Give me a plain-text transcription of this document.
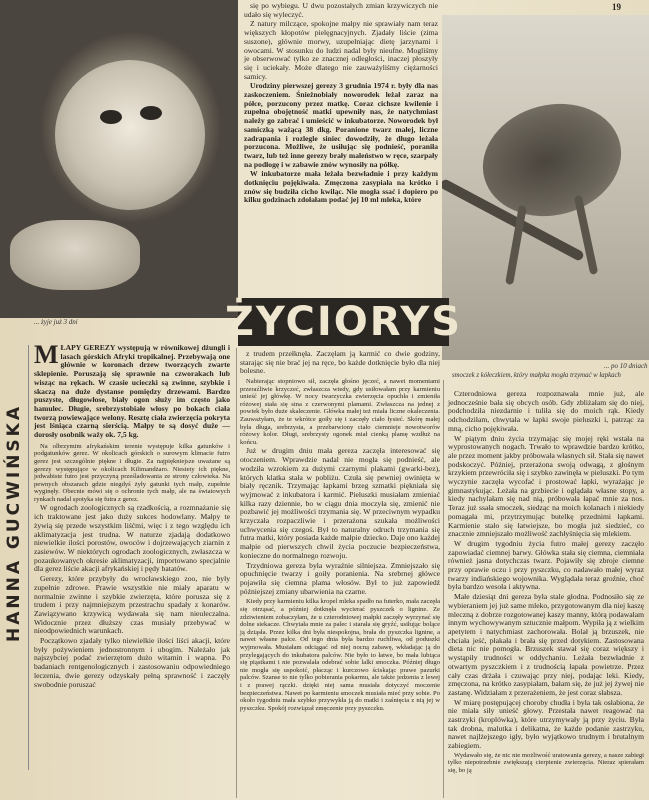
19
... żyje już 3 dni
... po 10 dniach
smoczek z kółeczkiem, który małpka mogła trzymać w łapkach

się po wybiegu. U dwu pozostałych zmian krzywiczych nie udało się wyleczyć.

Z natury milczące, spokojne małpy nie sprawiały nam teraz większych kłopotów pielęgnacyjnych. Zjadały liście (zima suszone), głównie morwy, uzupełniając dietę jarzynami i owocami. W stosunku do ludzi nadal były nieufne. Mogliśmy je obserwować tylko ze znacznej odległości, inaczej płoszyły się i uciekały. Może dlatego nie zauważyliśmy ciężarności samicy.

Urodziny pierwszej gerezy 3 grudnia 1974 r. były dla nas zaskoczeniem. Śnieżnobiały noworodek leżał zaraz na półce, porzucony przez matkę. Coraz cichsze kwilenie i zupełna obojętność matki upewniły nas, że natychmiast należy go zabrać i umieścić w inkubatorze. Noworodek był samiczką ważącą 38 dkg. Poranione twarz małej, liczne zadrapania i rozlegle siniec dowodziły, że długo leżała porzucona. Możliwe, że usiłując się podnieść, poraniła twarz, lub też inne gerezy brały maleństwo w ręce, szarpały na podłogę i w zabawie znów wynosiły na półkę.

W inkubatorze mała leżała bezwładnie i przy każdym dotknięciu pojękiwała. Zmęczona zasypiała na krótko i znów się budziła cicho kwiląc. Nie mogła ssać i dopiero po kilku godzinach zdołałam podać jej 10 ml mleka, które

ŻYCIORYS
HANNA GUCWIŃSKA

MŁAPY GEREZY występują w równikowej dżungli i lasach górskich Afryki tropikalnej. Przebywają one głównie w koronach drzew tworzących zwarte sklepienie. Poruszają się sprawnie na czworakach lub wisząc na rękach. W czasie ucieczki są zwinne, szybkie i skaczą na duże dystanse pomiędzy drzewami. Bardzo puszyste, długowłose, biały ogon służy im często jako hamulec. Długie, srebrzystobiałe włosy po bokach ciała tworzą powiewające welony. Resztę ciała zwierzęcia pokryta jest lśniąca czarną sierścią. Małpy te są dosyć duże — dorosły osobnik waży ok. 7,5 kg.

Na olbrzymim afrykańskim terenie występuje kilka gatunków i podgatunków gerez. W okolicach górskich o surowym klimacie futro gerez jest szczególnie piękne i długie. Za najpiękniejsze uważane są gerezy występujące w okolicach Kilimandżaro. Niestety ich piękne, jedwabiste futro jest przyczyną prześladowania ze strony człowieka. Na pewnych obszarach gdzie niegdyś żyły gatunki tych małp, zupełnie wyginęły. Obecnie mówi się o ochronie tych małp, ale na światowych rynkach nadal spotyka się futra z gerez.

W ogrodach zoologicznych są rzadkością, a rozmnażanie się ich traktowane jest jako duży sukces hodowlany. Małpy te żywią się przede wszystkim liśćmi, więc i z tego względu ich aklimatyzacja jest trudna. W naturze zjadają dodatkowo niewielkie ilości porostów, owoców i dojrzewających ziarnin z zasiewów. W niektórych ogrodach zoologicznych, zwłaszcza w pozaukowanych okresie aklimatyzacji, importowano specjalnie dla gerez liście akacji afrykańskiej i pędy batatów.

Gerezy, które przybyły do wrocławskiego zoo, nie były zupełnie zdrowe. Prawie wszystkie nie miały aparatu w normalnie zwinne i szybkie zwierzęta, które porusza się z trudem i przy najmniejszym przestrachu spadały z konarów. Zawiązywano krzywicą wydawała się nam nieuleczalna. Widocznie przez dłuższy czas musiały przebywać w nieodpowiednich warunkach.

Początkowo zjadały tylko niewielkie ilości liści akacji, które były pożywieniem jednostronnym i ubogim. Należało jak najszybciej podać zwierzętom dużo witamin i wapna. Po badaniach rentgenologicznych i zastosowaniu odpowiedniego leczenia, dwie gerezy odzyskały pełną sprawność i zaczęły swobodnie poruszać

z trudem przełknęła. Zaczęłam ją karmić co dwie godziny, starając się nie brać jej na ręce, bo każde dotknięcie było dla niej bolesne.

Nabierając stopniowo sił, zaczęła głośno jęczeć, a nawet momentami przeraźliwie krzyczeć, zwłaszcza wtedy, gdy usiłowałam przy karmieniu unieść jej główkę. W nocy twarzyczka zwierzęcia opuchła i zmieniła różowej stała się sina z czerwonymi plamami. Zwłaszcza na jednej z powiek było duże skaleczenie. Główka małej też miała liczne okaleczenia. Zauważyłam, że te wkrótce goiły się i zaczęły ciało łysieć. Skórę małej była długa, srebrzysta, a przebarwiony ciało ciemnieje nowotworów różowy kolor. Długi, srebrzysty ogonek miał cienką plamę wzdłuż na końcu.

Już w drugim dniu mała gereza zaczęła interesować się otoczeniem. Wprawdzie nadal nie mogła się podnieść, ale wodziła wzrokiem za dużymi czarnymi plakami (gwarki-bez), których klatka stała w pobliżu. Czuła się pewniej owinięta w biały ręcznik. Trzymając łapkami brzeg szmatki piękniała się wyjmować z inkubatora i karmić. Pieluszki musiałam zmieniać kilka razy dziennie, bo w ciągu dnia moczyła się, zmienić nie pozbawić jej możliwości trzymania się. W przeciwnym wypadku krzyczała rozpaczliwie i przerażona szukała możliwości uchwycenia się czegoś. Był to naturalny odruch trzymania się futra matki, który posiada każde małpie dziecko. Daje ono każdej małpie od pierwszych chwil życia poczucie bezpieczeństwa, konieczne do normalnego rozwoju.

Trzydniowa gereza była wyraźnie silniejsza. Zmniejszało się opuchnięcie twarzy i goiły poranienia. Na srebrnej główce pojawiła się ciemna plama włosów. Był to już zapowiedź późniejszej zmiany ubarwienia na czarne.

Kiedy przy karmieniu kilka kropel mleka spadło na futerko, mała zaczęła się otrząsać, a później dotknęła wycierać pyszczek o lignine. Ze zdziwieniem zobaczyłam, że u czterodniowej małpki zaczęły wyrzynać się dolne siekacze. Chwytała mnie za palec i starała się gryźć, usiłując bolące ją dziąsła. Przez kilka dni była niespokojna, brała do pyszczka lignine, a nawet własne palce. Od tego dnia była bardzo ruchliwa, od poduszki wyjmowała. Musiałam odciągać od niej nocną zabawę, wkładając ją do przylegających do inkubatora palców. Nie było to łatwe, bo mała lubiąca się piąstkami i nie pozwalała odebrać sobie lalki smoczka. Później długo nie mogła się uspokoić, płacząc i kurczowo ściskając prawe pazurki palców. Szanse to nie tylko pobierania pokarmu, ale także jedzenia z lewej i z prawej rączki. dzięki niej sama musiała dotyczyć moczenie bezpieczeństwa. Nawet po karmieniu smoczek musiała mieć przy sobie. Po około tygodniu mała szybko przywykła ją do matki i zaśnięcia z nią jej w pyszczku. Spokój rozwiązał zmęczenie przy pyszczku.

Czterodniowa gereza rozpoznawała mnie już, ale jednocześnie bała się obcych osób. Gdy zbliżałam się do niej, podchodziła niezdarnie i tuliła się do moich rąk. Kiedy odchodziłam, chwytała w łapki swoje pieluszki i, patrząc za mną, cicho pojękiwała.

W piątym dniu życia trzymając się mojej ręki wstała na wyprostowanych nogach. Trwało to wprawdzie bardzo krótko, ale przez moment jakby próbowała własnych sił. Stała się nawet podskoczyć. Później, przerażona swoją odwagą, z głośnym krzykiem przewróciła się i szybko zawinęła w pieluszki. Po tym wyczynie zaczęła wycofać i prostować łapki, wyrażając je gimnastykując. Leżała na grzbiecie i oglądała własne stopy, a kiedy nachylałam się nad nią, próbowała łapać mnie za nos. Teraz już ssała smoczek, siedząc na moich kolanach i niekiedy pomagała mi, przytrzymując butelkę przednimi łapkami. Karmienie stało się łatwiejsze, bo mogła już siedzieć, co znacznie zmniejszało możliwość zachłyśnięcia się mlekiem.

W drugim tygodniu życia futro małej gerezy zaczęło zapowiadać ciemnej barwy. Główka stała się ciemna, ciemniała również jasna dotychczas twarz. Pojawiły się zbroje ciemne przy oprawie oczu i przy pyszczku, co nadawało małej wyraz twarzy indiańskiego wojownika. Wyglądała teraz groźnie, choć była bardzo wesoła i aktywna.

Małe dziesiąt dni gereza była stale głodna. Podnosiło się ze wybieraniem jej już same mleko, przygotowanym dla niej kaszę mleczną z dobrze rozgotowanej kaszy manny, którą podawałam innym wychowywanym sztucznie małpom. Wypiła ją z wielkim apetytem i natychmiast zachorowała. Bolał ją brzuszek, nie chciała jeść, płakała i brała się przed dotykiem. Zastosowana dieta nic nie pomogła. Brzuszek stawał się coraz większy i wystąpiły trudności w oddychaniu. Leżała bezwładnie z otwartym pyszczkiem i z trudnością łapała powietrze. Przez cały czas drżała i czuwając przy niej, podając leki. Kiedy, zmęczona, na krótko zasypiałam, bałam się, że już jej żywej nie zastanę. Widziałam z przerażeniem, że jest coraz słabsza.

W miarę postępującej choroby chudła i była tak osłabiona, że nie miała siły unieść głowy. Przestała nawet reagować na zastrzyki (kroplówka), które utrzymywały ją przy życiu. Była tak drobna, malutka i delikatna, że każde podanie zastrzyku, nawet najlżejszego igły, było wyjątkowo trudnym i brutalnym zabiegiem.

Wydawało się, że nic nie możliwość uratowania gerezy, a nasze zabiegi tylko niepotrzebnie zwiększają cierpienie zwierzęcia. Nieraz spierałam się, bo ją
